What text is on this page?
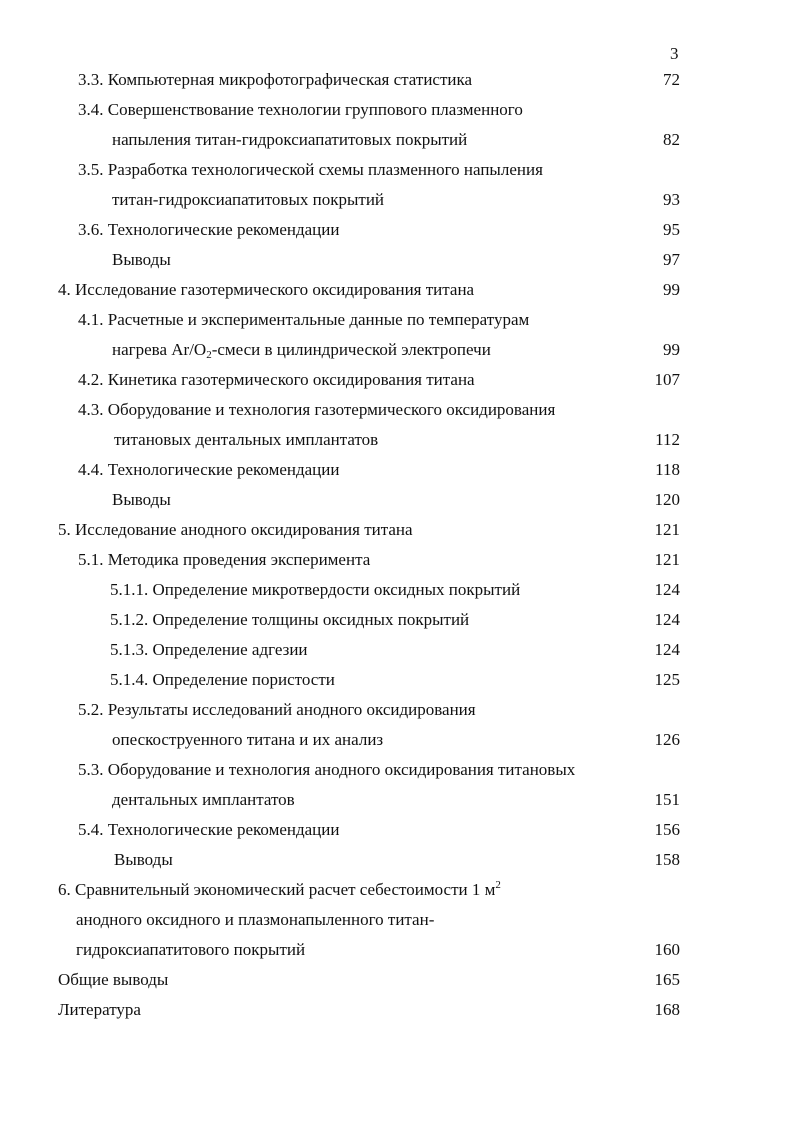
3
3.3. Компьютерная микрофотографическая статистика	72
3.4. Совершенствование технологии группового плазменного
напыления титан-гидроксиапатитовых покрытий	82
3.5. Разработка технологической схемы плазменного напыления
титан-гидроксиапатитовых покрытий	93
3.6. Технологические рекомендации	95
Выводы	97
4. Исследование газотермического оксидирования титана	99
4.1. Расчетные и экспериментальные данные по температурам
нагрева $Ar/O_2$-смеси в цилиндрической электропечи	99
4.2. Кинетика газотермического оксидирования титана	107
4.3. Оборудование и технология газотермического оксидирования
титановых дентальных имплантатов	112
4.4. Технологические рекомендации	118
Выводы	120
5. Исследование анодного оксидирования титана	121
5.1. Методика проведения эксперимента	121
5.1.1. Определение микротвердости оксидных покрытий	124
5.1.2. Определение толщины оксидных покрытий	124
5.1.3. Определение адгезии	124
5.1.4. Определение пористости	125
5.2. Результаты исследований анодного оксидирования
опескоструенного титана и их анализ	126
5.3. Оборудование и технология анодного оксидирования титановых
дентальных имплантатов	151
5.4. Технологические рекомендации	156
Выводы	158
6. Сравнительный экономический расчет себестоимости 1 $м^2$
анодного оксидного и плазмонапыленного титан-
гидроксиапатитового покрытий	160
Общие выводы	165
Литература	168
